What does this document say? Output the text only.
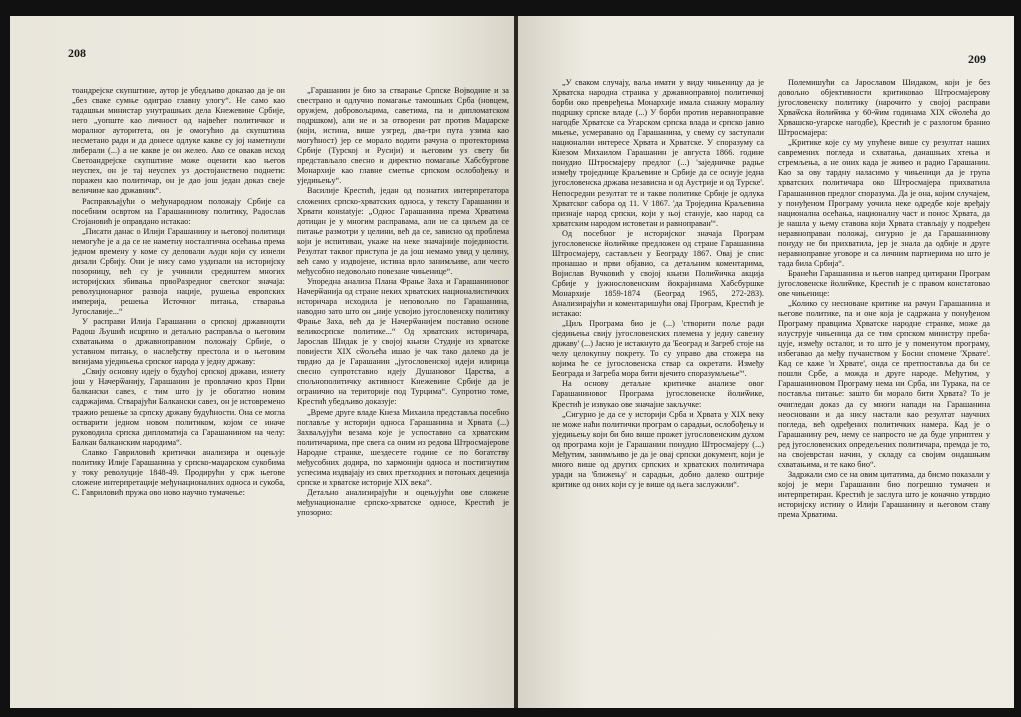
208

тоандрејске скупштине, аутор је убедљиво доказао да је он „без сваке сумње одиграо главну улогу“. Не само као тадашњи министар унутрашњих дела Кнежевине Србије, него „уопште као личност од највећег политичког и моралног ауторитета, он је омогућио да скупштина несметано ради и да донесе одлуке какве су јој наметнули либерали (...) а не какве је он желео. Ако се овакав исход Светоандрејске скупштине може оценити као његов неуспех, он је тај неуспех уз достојанствено поднети: поражен као политичар, он је дао још један доказ свеје величине као државник“.

Расправљајући о међународном положају Србије са посебним освртом на Гарашанинову политику, Радослав Стојановић је оправдано истакао:

„Писати данас о Илији Гарашанину и његовој политици немогуће је а да се не наметну носталгична осећања према једном времену у коме су деловали људи који су изнели дизали Србију. Они је нису само уздизали на историјску позорницу, већ су је учинили средиштем многих историјских збивања првоРазредног светског значаја: револуционарног развоја нације, рушења европских империја, решења Источног питања, стварања Југославије...“

У расправи Илија Гарашанин о српској државноџти Радош Љушић исцрпно и детаљно расправља о његовим схватањима о државноправном положају Србије, о уставном питању, о наслеђству престола и о његовим визијама уједињења српског народа у једну државу:

„Свију основну идеју о будућој српској држави, изнету још у Начерѿанију, Гарашанин је провлачио кроз Први балкански савез, с тим што ју је обогатио новим садржајима. Стварајући Балкански савез, он је истовремено тражио решење за српску државу будућности. Она се могла остварити једном новом политиком, којом се иначе руководила српска дипломатија са Гарашанином на челу: Балкан балканским народима“.

Славко Гавриловић критички анализира и оцењује политику Илије Гарашанина у српско-маџарском сукобима у току револуције 1848-49. Продирући у срж његове сложене интерпретације међунационалних односа и сукоба, С. Гавриловић пружа ово ново научно тумачење:

„Гарашанин је био за стварање Српске Војводине и за свестрано и одлучно помагање тамошњих Срба (новцем, оружјем, добровољцима, саветима, па и дипломатском подршком), али не и за отворени рат против Маџарске (који, истина, више узгред, два-три пута узима као могућност) јер се морало водити рачуна о протекторима Србије (Турској и Русији) и његовим уз свету би представљало свесно и директно помагање Хабсбургове Монархије као главне сметње српском ослобођењу и уједињењу“.

Василије Крестић, један од познатих интерпретатора сложених српско-хрватских односа, у тексту Гарашанин и Хрвати конstatује: „Однос Гарашанина према Хрватима дотицан је у многим расправама, али не са циљем да се питање размотри у целини, већ да се, зависно од проблема који је испитиван, укаже на неке значајније појединости. Резултат таквог приступа је да још немамо увид у целину, већ само у издвојене, истина врло занимљиве, али често међусобно недовољно повезане чињенице“.

Упоредна анализа Плана Фрање Заха и Гарашаниновог Начерѿанија од стране неких хрватских националистичких историчара исходила је неповољно по Гарашанина, наводно зато што он „није усвојио југословенску политику Фрање Заха, већ да је Начерѿанијем поставио основе великосрпске политике...“ Од хрватских историчара, Јарослав Шидак је у својој књизи Студије из хрватске повијести XIX сѿољећа ишао је чак тако далеко да је тврдио да је Гарашанин „југословенској идеји илирица свесно супротставио идеју Душановог Царства, а спољнополитичку активност Кнежевине Србије да је ограничио на територије под Турцима“. Супротно томе, Крестић убедљиво доказује:

„Време друге владе Кнеза Михаила представља посебно поглавље у историји односа Гарашанина и Хрвата (...) Захваљујући везама које је успоставио са хрватским политичарима, пре свега са оним из редова Штросмајерове Народне странке, шездесете године се по богатству међусобних додира, по хармонији односа и постигнутим успесима издвајају из свих претходних и потоњих деценија српске и хрватске историје XIX века“.

Детаљно анализирајући и оцењујући ове сложене међунационалне српско-хрватске односе, Крестић је упозорио:

209

„У сваком случају, ваља имати у виду чињеницу да је Хрватска народна странка у државноправној политичкој борби око превређења Монархије имала снажну моралну подршку српске владе (...) У борби против неравноправне нагодбе Хрватске са Угарском српска влада и српско јавно мњење, усмеравано од Гарашанина, у свему су заступали национални интересе Хрвата и Хрватске. У споразуму са Кнезом Михаилом Гарашанин је августа 1866. године понудио Штросмајеру предлог (...) 'заједничке радње између троједнице Краљевине и Србије да се оснује једна југословенска држава независна и од Аустрије и од Турске'. Непосредни резултат те и такве политике Србије је одлука Хрватског сабора од 11. V 1867. 'да Тројединa Краљевина признаје народ српски, који у њој станује, као народ са хрватским народом истоветан и равноправан'“.

Од посебног је историјског значаја Програм југословенске йолиѿике предложен од стране Гарашанина Штросмајеру, састављен у Београду 1867. Овај је спис пронашао и први објавио, са детаљним коментаримa, Војислав Вучковић у својој књизи Полиѿичка акција Србије у јужнословенским йокрајинама Хабсбуршке Монархије 1859-1874 (Београд 1965, 272-283). Анализирајући и коментаришући овај Програм, Крестић је истакао:

„Циљ Програма био је (...) 'створити поље ради сједињења свију југословенских племена у једну савезну државу' (...) Јасно је истакнуто да 'Београд и Загреб стоје на челу целокупну покрету. То су управо два стожера на којима ће се југословенска ствар са окретати. Између Београда и Загреба мора бити вјечито споразумљење'“.

На основу детаљне критичке анализе овог Гарашаниновог Програма југословенске йолиѿике, Крестић је извукао ове значајне закључке:

„Сигурно је да се у историји Срба и Хрвата у XIX веку не може наћи политички програм о сарадњи, ослобођењу и уједињењу који би био више прожет југословенским духом од програма који је Гарашанин понудио Штросмајеру (...) Међутим, занимљиво је да је овај српски документ, који је много више од других српских и хрватских политичара уради на 'ближењу' и сарадњи, добио далеко оштрије критике од оних који су је више од њега заслужили“.

Полемишући са Јарославом Шидаком, који је без довољно објективности критиковао Штросмајерову југословенску политику (нарочито у својој расправи Хрваѿска йолиѿика у 60-ѿим годинама XIX сѿолећа до Хрвашско-угарске нагодбе), Крестић је с разлогом бранио Штросмајера:

„Критике које су му упућене више су резултат наших савремених погледа и схватања, данашњих хтења и стремљења, а не оних када је живео и радио Гарашанин. Као за ову тардну наласимо у чињеници да је група хрватских политичара око Штросмајера прихватила Гарашанинов предлог споразума. Да је она, којим случајем, у понуђеном Програму уочила неке одредбе које вређају национална осећања, националну част и понос Хрвата, да је нашла у њему ставова који Хрвата стављају у подређен неравноправан положај, сигурно је да Гарашанинову понуду не би прихватила, јер је знала да одбије и друге неравноправне уговоре и са личним партнерима но што је тада била Србија“.

Бранећи Гарашанина и његов напред цитирани Програм југословенске йолиѿике, Крестић је с правом констатовао ове чињенице:

„Колико су несновaне критике на рачун Гарашанина и његове политике, па и оне која је садржана у понуђеном Програму правцима Хрватске народне странке, може да илуструје чињеница да се тим српском министру пребацује, између осталог, и то што је у поменутом програму, избегавао да међу пучанством у Босни спомене 'Хрвате'. Кад се каже 'и Хрвате', онда се претпоставља да би се пошли Србе, а можда и друге народе. Међутим, у Гарашаниновом Програму нема ни Срба, ни Турака, па се поставља питање: зашто би морало бити Хрвата? То је очигледан доказ да су многи напади на Гарашанина неосновани и да нису настали као резултат научних погледа, већ одређених политичких намера. Кад је о Гарашанину реч, нему се напросто не да буде уприптен у ред југословенских опредељених политичара, премда је то, на својеврстан начин, у складу са својим ондашњим схватањима, и те како био“.

Задржали смо се на овим цитатима, да бисмо показали у којој је мери Гарашанин био погрешно тумачен и интерпретиран. Крестић је заслуга што је коначно утврдио историјску истину о Илији Гарашанину и његовом ставу према Хрватима.
